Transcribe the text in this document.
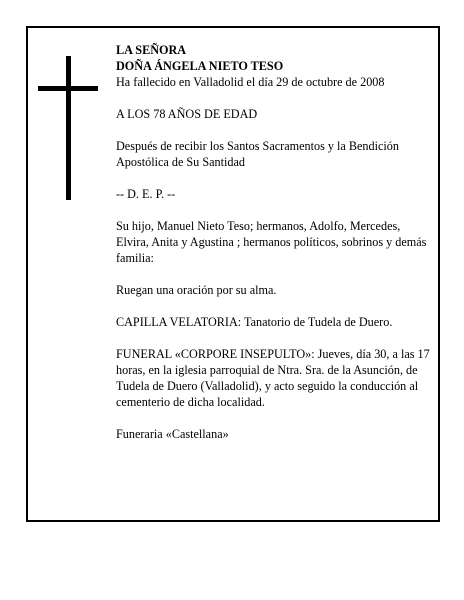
LA SEÑORA

DOÑA ÁNGELA NIETO TESO

Ha fallecido en Valladolid el día 29 de octubre de 2008

A LOS 78 AÑOS DE EDAD

Después de recibir los Santos Sacramentos y la Bendición Apostólica de Su Santidad

-- D. E. P. --

Su hijo, Manuel Nieto Teso; hermanos, Adolfo, Mercedes, Elvira, Anita y Agustina ; hermanos políticos, sobrinos y demás familia:

Ruegan una oración por su alma.

CAPILLA VELATORIA: Tanatorio de Tudela de Duero.

FUNERAL «CORPORE INSEPULTO»: Jueves, día 30, a las 17 horas, en la iglesia parroquial de Ntra. Sra. de la Asunción, de Tudela de Duero (Valladolid), y acto seguido la conducción al cementerio de dicha localidad.

Funeraria «Castellana»
